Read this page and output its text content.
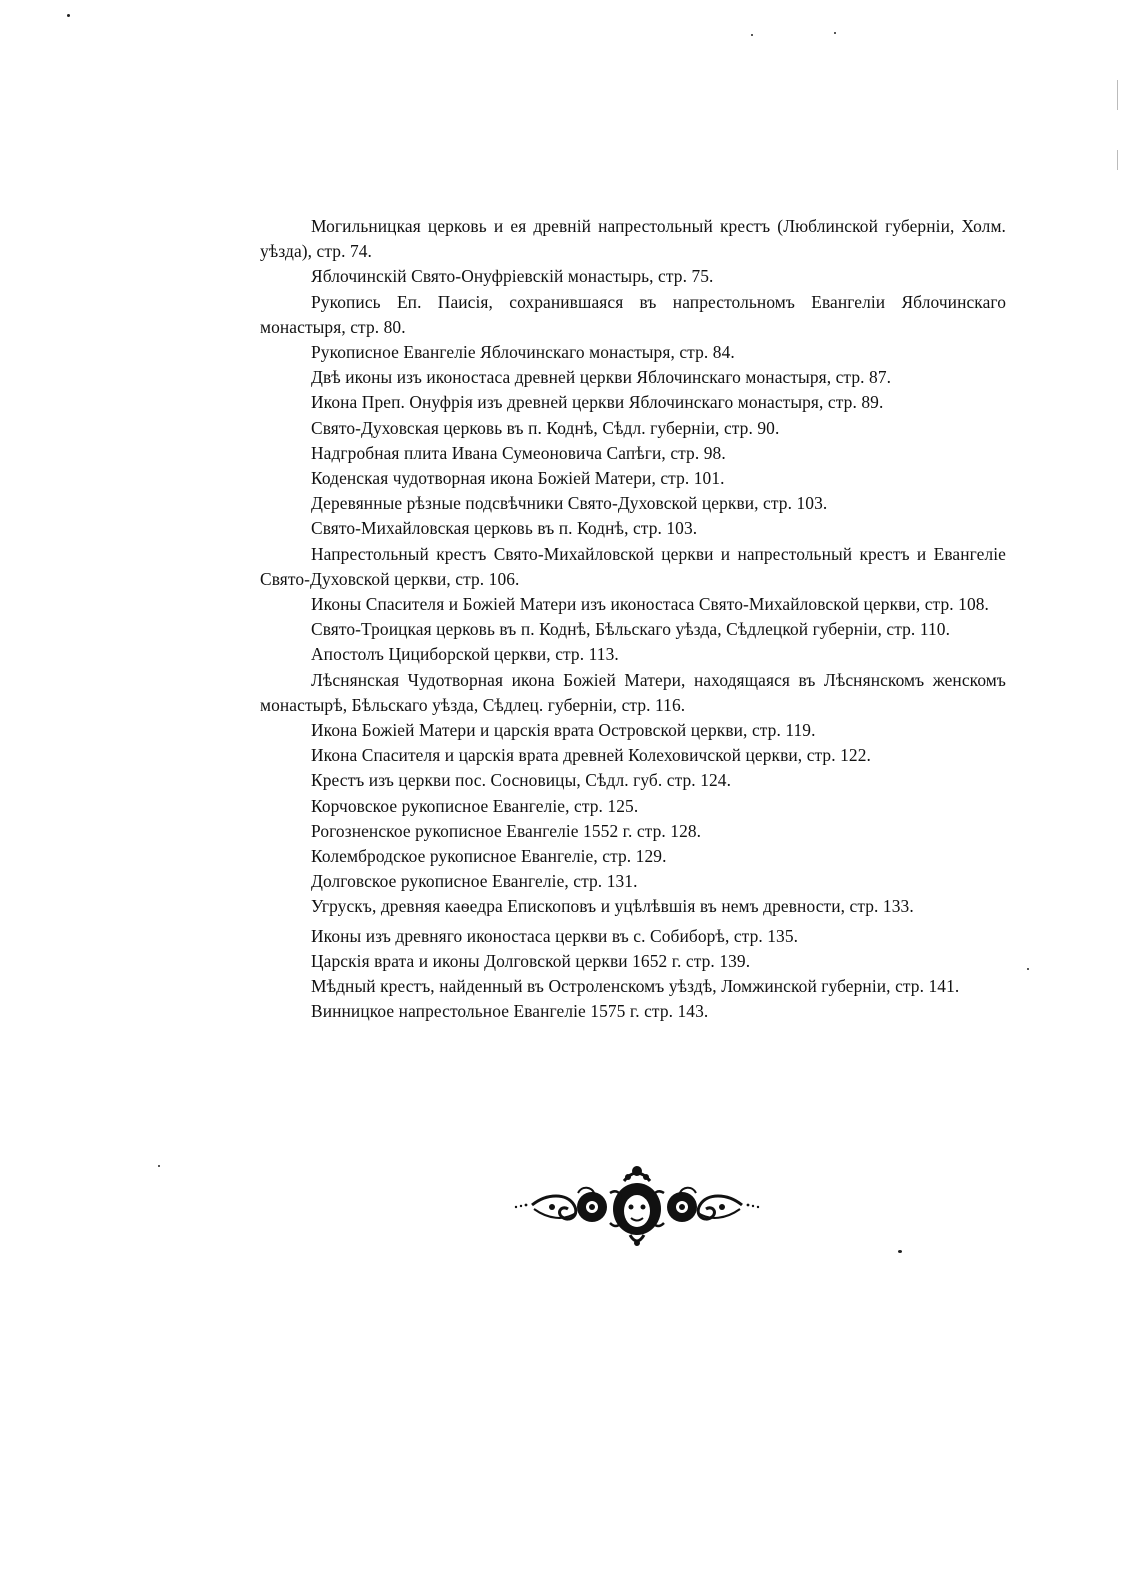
Могильницкая церковь и ея древній напрестольный крестъ (Люблинской губерніи, Холм. уѣзда), стр. 74.

Яблочинскій Свято-Онуфріевскій монастырь, стр. 75.

Рукопись Еп. Паисія, сохранившаяся въ напрестольномъ Евангеліи Яблочинскаго монастыря, стр. 80.

Рукописное Евангеліе Яблочинскаго монастыря, стр. 84.

Двѣ иконы изъ иконостаса древней церкви Яблочинскаго монастыря, стр. 87.

Икона Преп. Онуфрія изъ древней церкви Яблочинскаго монастыря, стр. 89.

Свято-Духовская церковь въ п. Коднѣ, Сѣдл. губерніи, стр. 90.

Надгробная плита Ивана Сумеоновича Сапѣги, стр. 98.

Коденская чудотворная икона Божіей Матери, стр. 101.

Деревянные рѣзные подсвѣчники Свято-Духовской церкви, стр. 103.

Свято-Михайловская церковь въ п. Коднѣ, стр. 103.

Напрестольный крестъ Свято-Михайловской церкви и напрестольный крестъ и Евангеліе Свято-Духовской церкви, стр. 106.

Иконы Спасителя и Божіей Матери изъ иконостаса Свято-Михайловской церкви, стр. 108.

Свято-Троицкая церковь въ п. Коднѣ, Бѣльскаго уѣзда, Сѣдлецкой губерніи, стр. 110.

Апостолъ Цициборской церкви, стр. 113.

Лѣснянская Чудотворная икона Божіей Матери, находящаяся въ Лѣснянскомъ женскомъ монастырѣ, Бѣльскаго уѣзда, Сѣдлец. губерніи, стр. 116.

Икона Божіей Матери и царскія врата Островской церкви, стр. 119.

Икона Спасителя и царскія врата древней Колеховичской церкви, стр. 122.

Крестъ изъ церкви пос. Сосновицы, Сѣдл. губ. стр. 124.

Корчовское рукописное Евангеліе, стр. 125.

Рогозненское рукописное Евангеліе 1552 г. стр. 128.

Колембродское рукописное Евангеліе, стр. 129.

Долговское рукописное Евангеліе, стр. 131.

Угрускъ, древняя каѳедра Епископовъ и уцѣлѣвшія въ немъ древности, стр. 133.

Иконы изъ древняго иконостаса церкви въ с. Собиборѣ, стр. 135.

Царскія врата и иконы Долговской церкви 1652 г. стр. 139.

Мѣдный крестъ, найденный въ Остроленскомъ уѣздѣ, Ломжинской губерніи, стр. 141.

Винницкое напрестольное Евангеліе 1575 г. стр. 143.
